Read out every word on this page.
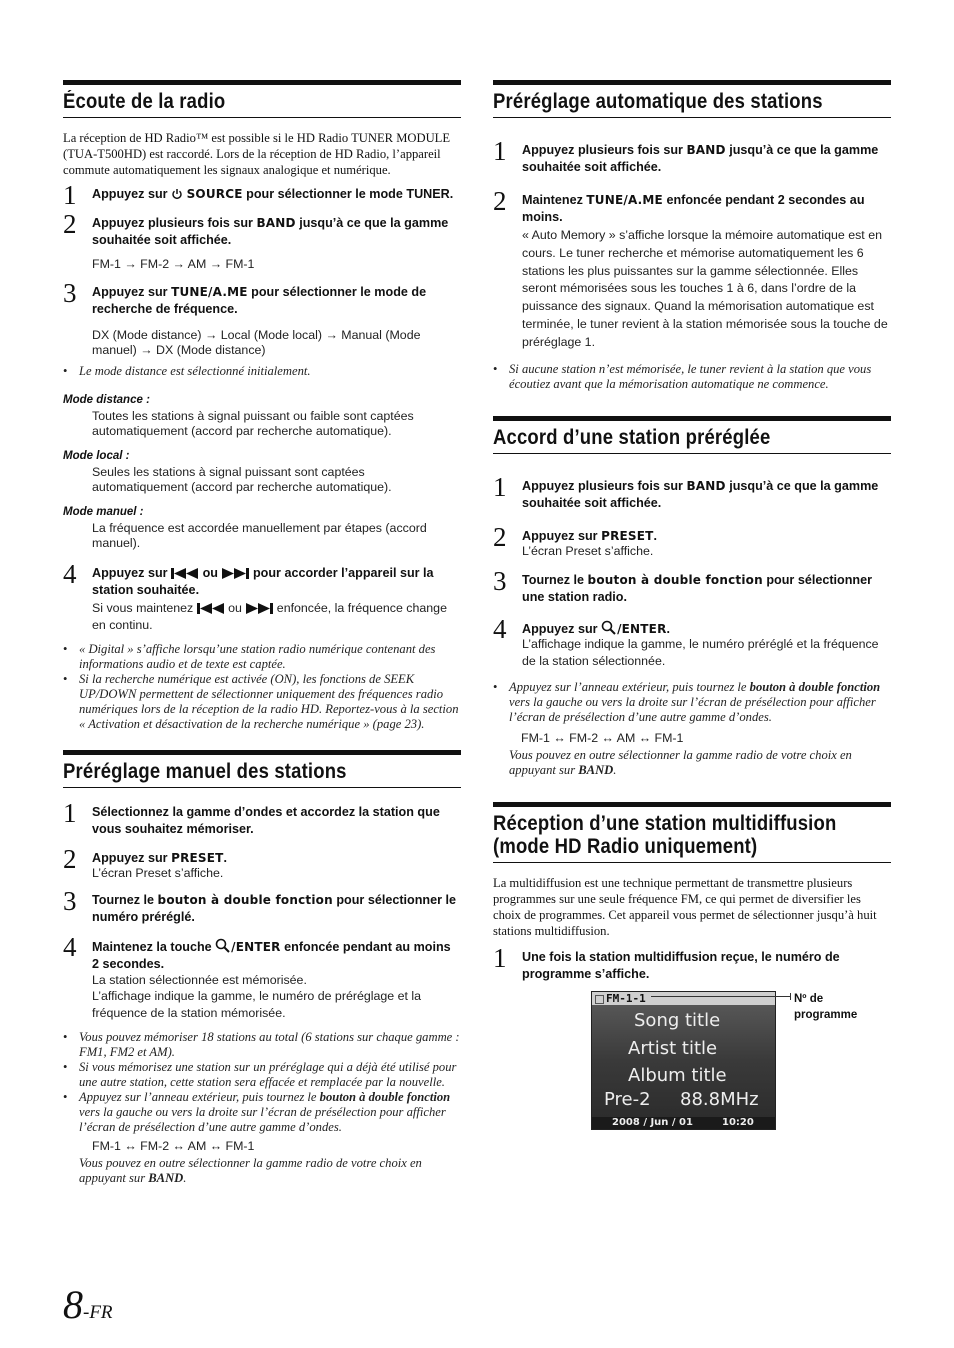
Écoute de la radio

La réception de HD Radio™ est possible si le HD Radio TUNER MODULE (TUA-T500HD) est raccordé. Lors de la réception de HD Radio, l’appareil commute automatiquement les signaux analogique et numérique.

1 Appuyez sur  SOURCE pour sélectionner le mode TUNER.
2 Appuyez plusieurs fois sur BAND jusqu’à ce que la gamme souhaitée soit affichée.
FM-1 → FM-2 → AM → FM-1
3 Appuyez sur TUNE/A.ME pour sélectionner le mode de recherche de fréquence.
DX (Mode distance) → Local (Mode local) → Manual (Mode manuel) → DX (Mode distance)
• Le mode distance est sélectionné initialement.
Mode distance :
Toutes les stations à signal puissant ou faible sont captées automatiquement (accord par recherche automatique).
Mode local :
Seules les stations à signal puissant sont captées automatiquement (accord par recherche automatique).
Mode manuel :
La fréquence est accordée manuellement par étapes (accord manuel).
4 Appuyez sur  ou  pour accorder l’appareil sur la station souhaitée.
Si vous maintenez  ou  enfoncée, la fréquence change en continu.
• « Digital » s’affiche lorsqu’une station radio numérique contenant des informations audio et de texte est captée.
• Si la recherche numérique est activée (ON), les fonctions de SEEK UP/DOWN permettent de sélectionner uniquement des fréquences radio numériques lors de la réception de la radio HD. Reportez-vous à la section « Activation et désactivation de la recherche numérique » (page 23).
Préréglage manuel des stations
1 Sélectionnez la gamme d’ondes et accordez la station que vous souhaitez mémoriser.
2 Appuyez sur PRESET.
L’écran Preset s’affiche.
3 Tournez le bouton à double fonction pour sélectionner le numéro préréglé.
4 Maintenez la touche /ENTER enfoncée pendant au moins 2 secondes.
La station sélectionnée est mémorisée.
L’affichage indique la gamme, le numéro de préréglage et la fréquence de la station mémorisée.
• Vous pouvez mémoriser 18 stations au total (6 stations sur chaque gamme : FM1, FM2 et AM).
• Si vous mémorisez une station sur un préréglage qui a déjà été utilisé pour une autre station, cette station sera effacée et remplacée par la nouvelle.
• Appuyez sur l’anneau extérieur, puis tournez le bouton à double fonction vers la gauche ou vers la droite sur l’écran de présélection pour afficher l’écran de présélection d’une autre gamme d’ondes.
FM-1 ↔ FM-2 ↔ AM ↔ FM-1
Vous pouvez en outre sélectionner la gamme radio de votre choix en appuyant sur BAND.
8-FR
Préréglage automatique des stations
1 Appuyez plusieurs fois sur BAND jusqu’à ce que la gamme souhaitée soit affichée.
2 Maintenez TUNE/A.ME enfoncée pendant 2 secondes au moins.
« Auto Memory » s’affiche lorsque la mémoire automatique est en cours. Le tuner recherche et mémorise automatiquement les 6 stations les plus puissantes sur la gamme sélectionnée. Elles seront mémorisées sous les touches 1 à 6, dans l’ordre de la puissance des signaux. Quand la mémorisation automatique est terminée, le tuner revient à la station mémorisée sous la touche de préréglage 1.
• Si aucune station n’est mémorisée, le tuner revient à la station que vous écoutiez avant que la mémorisation automatique ne commence.
Accord d’une station préréglée
1 Appuyez plusieurs fois sur BAND jusqu’à ce que la gamme souhaitée soit affichée.
2 Appuyez sur PRESET.
L’écran Preset s’affiche.
3 Tournez le bouton à double fonction pour sélectionner une station radio.
4 Appuyez sur /ENTER.
L’affichage indique la gamme, le numéro préréglé et la fréquence de la station sélectionnée.
• Appuyez sur l’anneau extérieur, puis tournez le bouton à double fonction vers la gauche ou vers la droite sur l’écran de présélection pour afficher l’écran de présélection d’une autre gamme d’ondes.
FM-1 ↔ FM-2 ↔ AM ↔ FM-1
Vous pouvez en outre sélectionner la gamme radio de votre choix en appuyant sur BAND.
Réception d’une station multidiffusion
(mode HD Radio uniquement)

La multidiffusion est une technique permettant de transmettre plusieurs programmes sur une seule fréquence FM, ce qui permet de diversifier les choix de programmes. Cet appareil vous permet de sélectionner jusqu’à huit stations multidiffusion.

1 Une fois la station multidiffusion reçue, le numéro de programme s’affiche.
FM-1-1
Song title
Artist title
Album title
Pre-2 88.8MHz
2008 / Jun / 01	10:20
Nº de
programme
